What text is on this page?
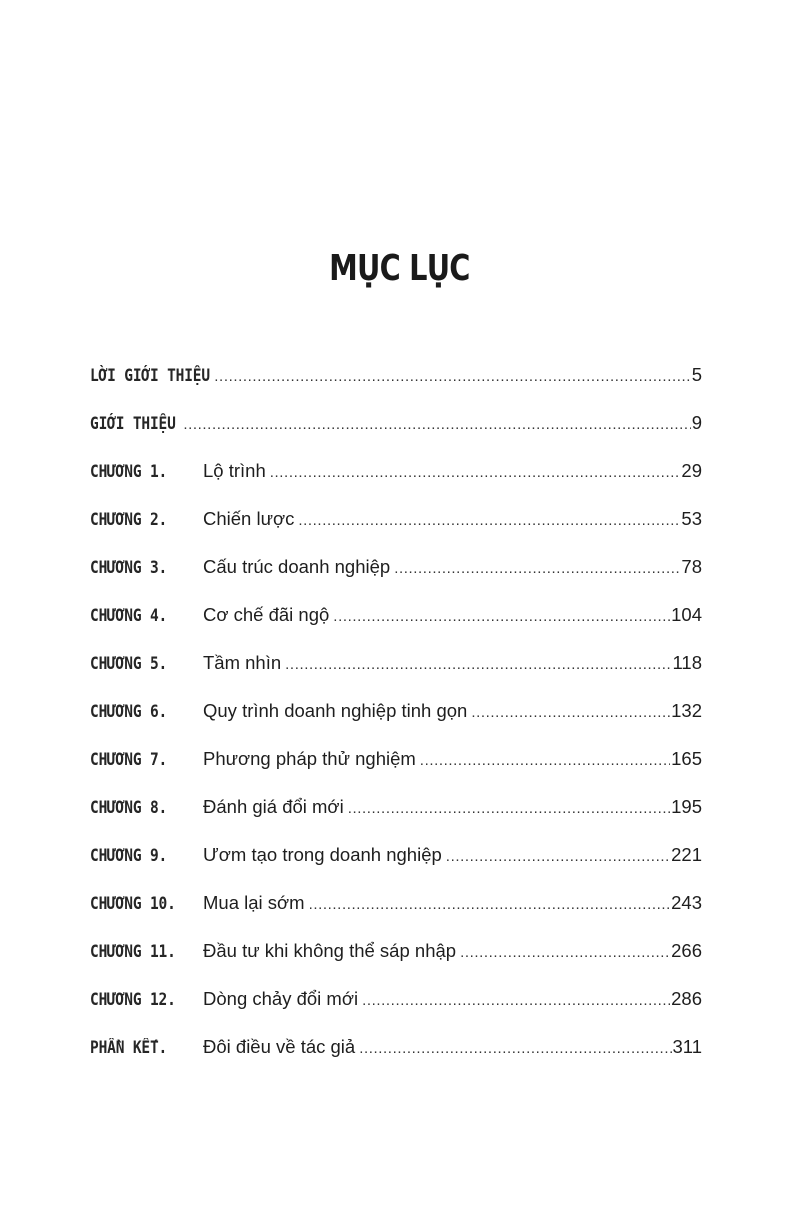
MỤC LỤC
LỜI GIỚI THIỆU .....	5
GIỚI THIỆU .....	9
CHƯƠNG 1.	Lộ trình .....	29
CHƯƠNG 2.	Chiến lược .....	53
CHƯƠNG 3.	Cấu trúc doanh nghiệp .....	78
CHƯƠNG 4.	Cơ chế đãi ngộ .....	104
CHƯƠNG 5.	Tầm nhìn .....	118
CHƯƠNG 6.	Quy trình doanh nghiệp tinh gọn .....	132
CHƯƠNG 7.	Phương pháp thử nghiệm .....	165
CHƯƠNG 8.	Đánh giá đổi mới .....	195
CHƯƠNG 9.	Ươm tạo trong doanh nghiệp .....	221
CHƯƠNG 10.	Mua lại sớm .....	243
CHƯƠNG 11.	Đầu tư khi không thể sáp nhập .....	266
CHƯƠNG 12.	Dòng chảy đổi mới .....	286
PHẦN KẾT.	Đôi điều về tác giả .....	311
